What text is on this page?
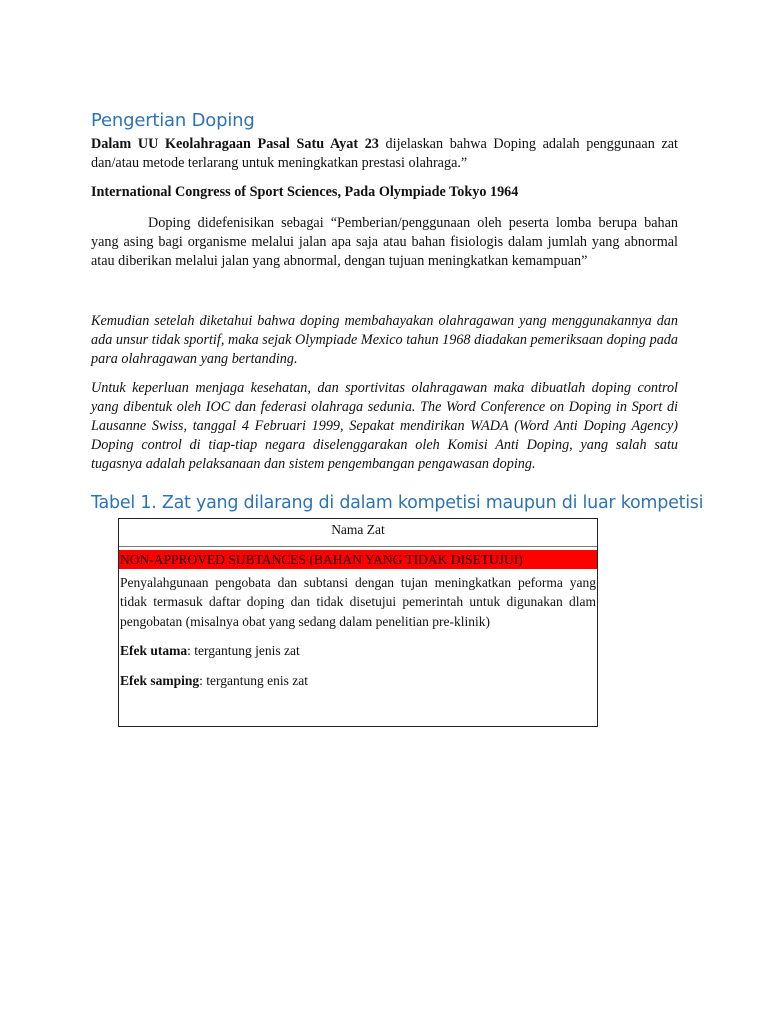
Pengertian Doping

Dalam UU Keolahragaan Pasal Satu Ayat 23 dijelaskan bahwa Doping adalah penggunaan zat dan/atau metode terlarang untuk meningkatkan prestasi olahraga.”

International Congress of Sport Sciences, Pada Olympiade Tokyo 1964

Doping didefenisikan sebagai “Pemberian/penggunaan oleh peserta lomba berupa bahan yang asing bagi organisme melalui jalan apa saja atau bahan fisiologis dalam jumlah yang abnormal atau diberikan melalui jalan yang abnormal, dengan tujuan meningkatkan kemampuan”

Kemudian setelah diketahui bahwa doping membahayakan olahragawan yang menggunakannya dan ada unsur tidak sportif, maka sejak Olympiade Mexico tahun 1968 diadakan pemeriksaan doping pada para olahragawan yang bertanding.

Untuk keperluan menjaga kesehatan, dan sportivitas olahragawan maka dibuatlah doping control yang dibentuk oleh IOC dan federasi olahraga sedunia. The Word Conference on Doping in Sport di Lausanne Swiss, tanggal 4 Februari 1999, Sepakat mendirikan WADA (Word Anti Doping Agency) Doping control di tiap-tiap negara diselenggarakan oleh Komisi Anti Doping, yang salah satu tugasnya adalah pelaksanaan dan sistem pengembangan pengawasan doping.

Tabel 1. Zat yang dilarang di dalam kompetisi maupun di luar kompetisi
Nama Zat
NON-APPROVED SUBTANCES (BAHAN YANG TIDAK DISETUJUI)

Penyalahgunaan pengobata dan subtansi dengan tujan meningkatkan peforma yang tidak termasuk daftar doping dan tidak disetujui pemerintah untuk digunakan dlam pengobatan (misalnya obat yang sedang dalam penelitian pre-klinik)

Efek utama: tergantung jenis zat

Efek samping: tergantung enis zat
